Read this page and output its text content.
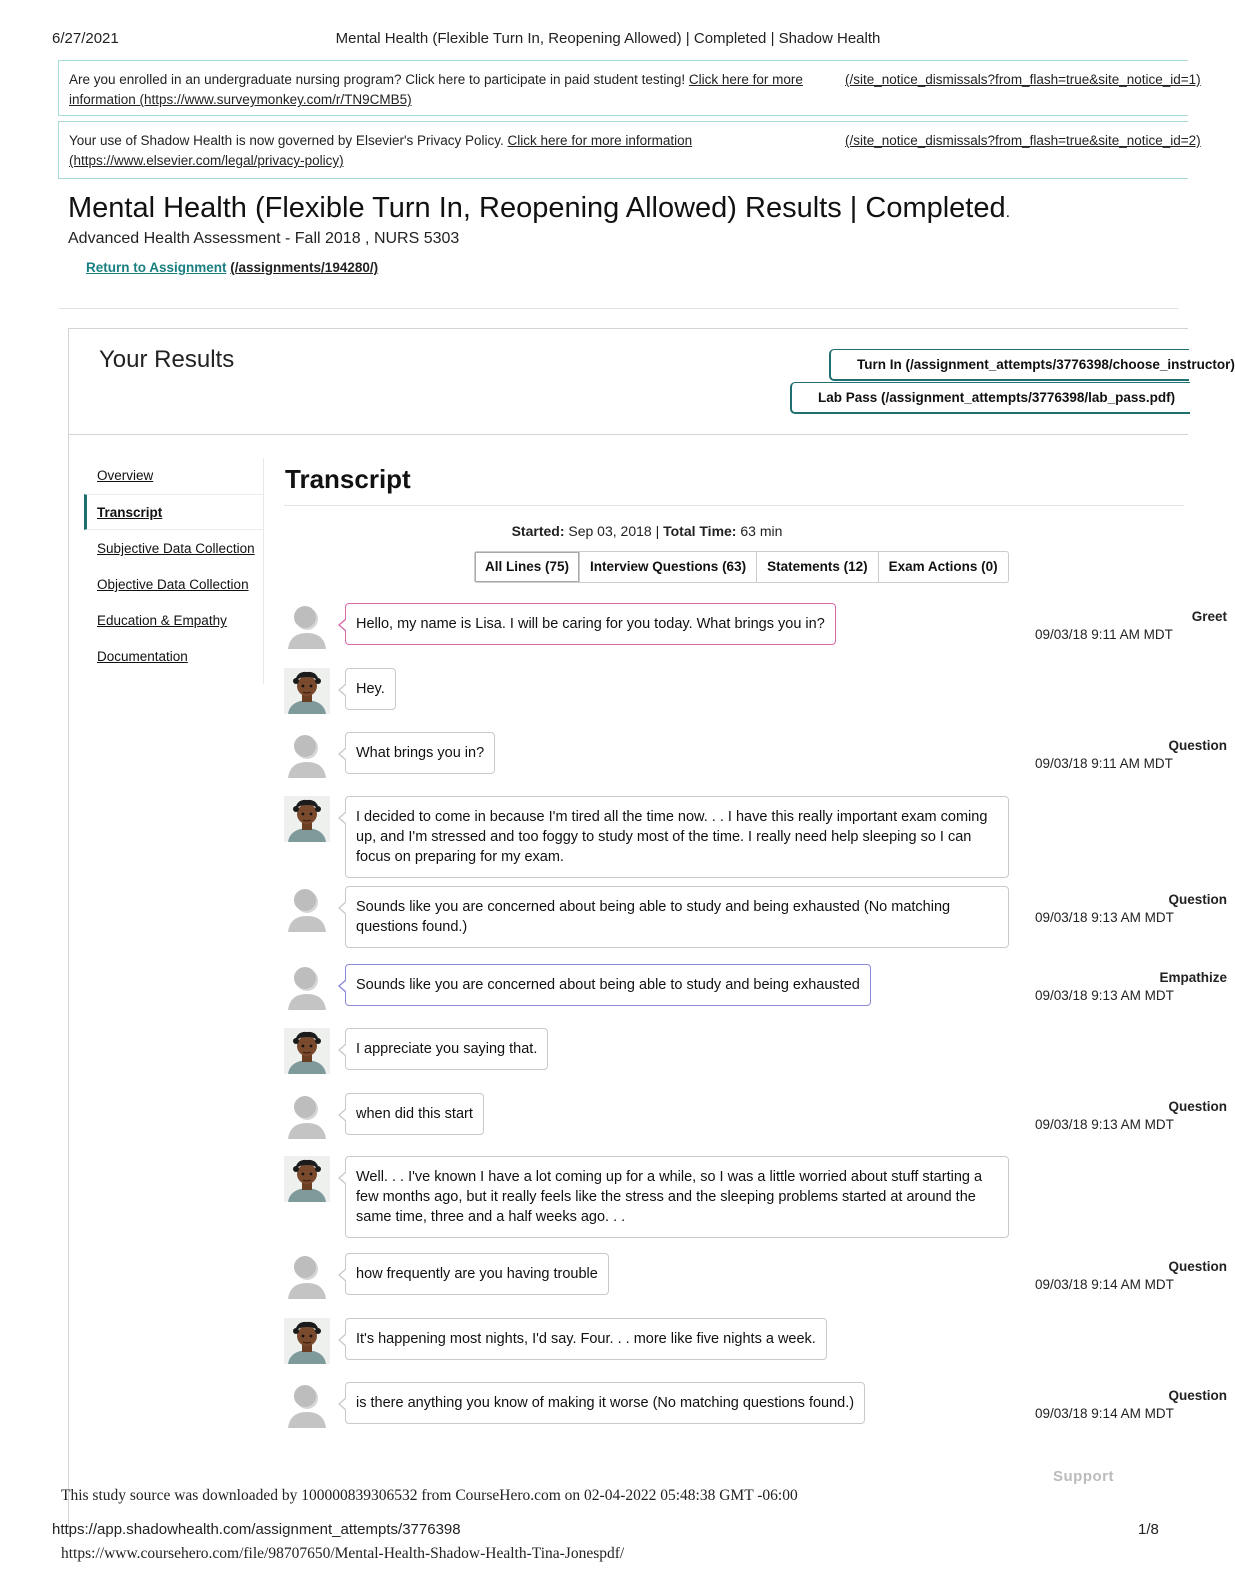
6/27/2021	Mental Health (Flexible Turn In, Reopening Allowed) | Completed | Shadow Health
Are you enrolled in an undergraduate nursing program? Click here to participate in paid student testing! Click here for more
information (https://www.surveymonkey.com/r/TN9CMB5)
(/site_notice_dismissals?from_flash=true&site_notice_id=1)
Your use of Shadow Health is now governed by Elsevier's Privacy Policy. Click here for more information
(https://www.elsevier.com/legal/privacy-policy)
(/site_notice_dismissals?from_flash=true&site_notice_id=2)
Mental Health (Flexible Turn In, Reopening Allowed) Results | Completed.
Advanced Health Assessment - Fall 2018 , NURS 5303
Return to Assignment (/assignments/194280/)
Your Results	Turn In (/assignment_attempts/3776398/choose_instructor)
Lab Pass (/assignment_attempts/3776398/lab_pass.pdf)
Overview
Transcript
Subjective Data Collection
Objective Data Collection
Education & Empathy
Documentation
Transcript
Started: Sep 03, 2018 | Total Time: 63 min
All Lines (75)	Interview Questions (63)	Statements (12)	Exam Actions (0)
Hello, my name is Lisa. I will be caring for you today. What brings you in?	Greet
09/03/18 9:11 AM MDT
Hey.
What brings you in?	Question
09/03/18 9:11 AM MDT
I decided to come in because I'm tired all the time now. . . I have this really important exam coming up, and I'm stressed and too foggy to study most of the time. I really need help sleeping so I can focus on preparing for my exam.
Sounds like you are concerned about being able to study and being exhausted (No matching questions found.)
Question
09/03/18 9:13 AM MDT
Sounds like you are concerned about being able to study and being exhausted	Empathize
09/03/18 9:13 AM MDT
I appreciate you saying that.
when did this start	Question
09/03/18 9:13 AM MDT
Well. . . I've known I have a lot coming up for a while, so I was a little worried about stuff starting a few months ago, but it really feels like the stress and the sleeping problems started at around the same time, three and a half weeks ago. . .
how frequently are you having trouble	Question
09/03/18 9:14 AM MDT
It's happening most nights, I'd say. Four. . . more like five nights a week.
is there anything you know of making it worse (No matching questions found.)	Question
09/03/18 9:14 AM MDT
Support
This study source was downloaded by 100000839306532 from CourseHero.com on 02-04-2022 05:48:38 GMT -06:00
https://app.shadowhealth.com/assignment_attempts/3776398	1/8
https://www.coursehero.com/file/98707650/Mental-Health-Shadow-Health-Tina-Jonespdf/
